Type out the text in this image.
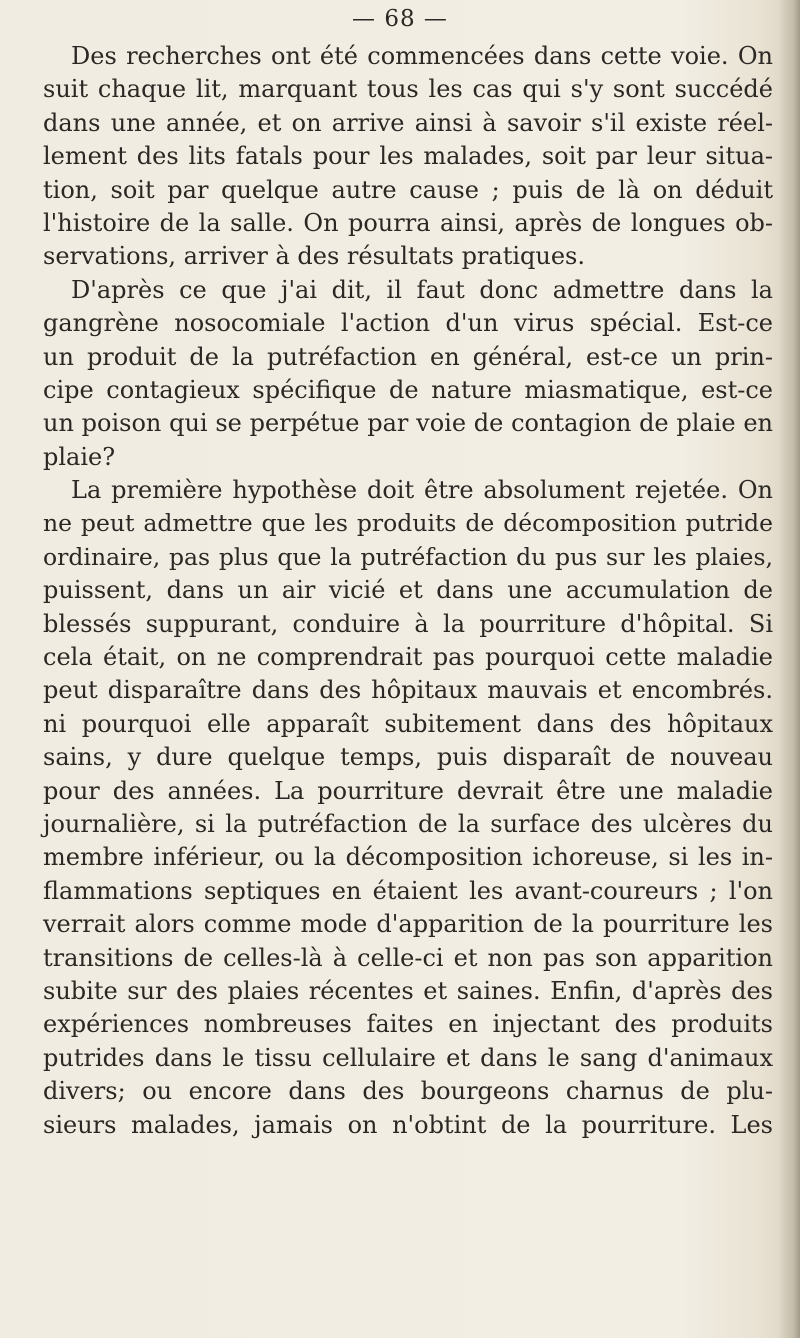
— 68 —
Des recherches ont été commencées dans cette voie. On
suit chaque lit, marquant tous les cas qui s'y sont succédé
dans une année, et on arrive ainsi à savoir s'il existe réel-
lement des lits fatals pour les malades, soit par leur situa-
tion, soit par quelque autre cause ; puis de là on déduit
l'histoire de la salle. On pourra ainsi, après de longues ob-
servations, arriver à des résultats pratiques.
D'après ce que j'ai dit, il faut donc admettre dans la
gangrène nosocomiale l'action d'un virus spécial. Est-ce
un produit de la putréfaction en général, est-ce un prin-
cipe contagieux spécifique de nature miasmatique, est-ce
un poison qui se perpétue par voie de contagion de plaie en
plaie?
La première hypothèse doit être absolument rejetée. On
ne peut admettre que les produits de décomposition putride
ordinaire, pas plus que la putréfaction du pus sur les plaies,
puissent, dans un air vicié et dans une accumulation de
blessés suppurant, conduire à la pourriture d'hôpital. Si
cela était, on ne comprendrait pas pourquoi cette maladie
peut disparaître dans des hôpitaux mauvais et encombrés.
ni pourquoi elle apparaît subitement dans des hôpitaux
sains, y dure quelque temps, puis disparaît de nouveau
pour des années. La pourriture devrait être une maladie
journalière, si la putréfaction de la surface des ulcères du
membre inférieur, ou la décomposition ichoreuse, si les in-
flammations septiques en étaient les avant-coureurs ; l'on
verrait alors comme mode d'apparition de la pourriture les
transitions de celles-là à celle-ci et non pas son apparition
subite sur des plaies récentes et saines. Enfin, d'après des
expériences nombreuses faites en injectant des produits
putrides dans le tissu cellulaire et dans le sang d'animaux
divers; ou encore dans des bourgeons charnus de plu-
sieurs malades, jamais on n'obtint de la pourriture. Les
